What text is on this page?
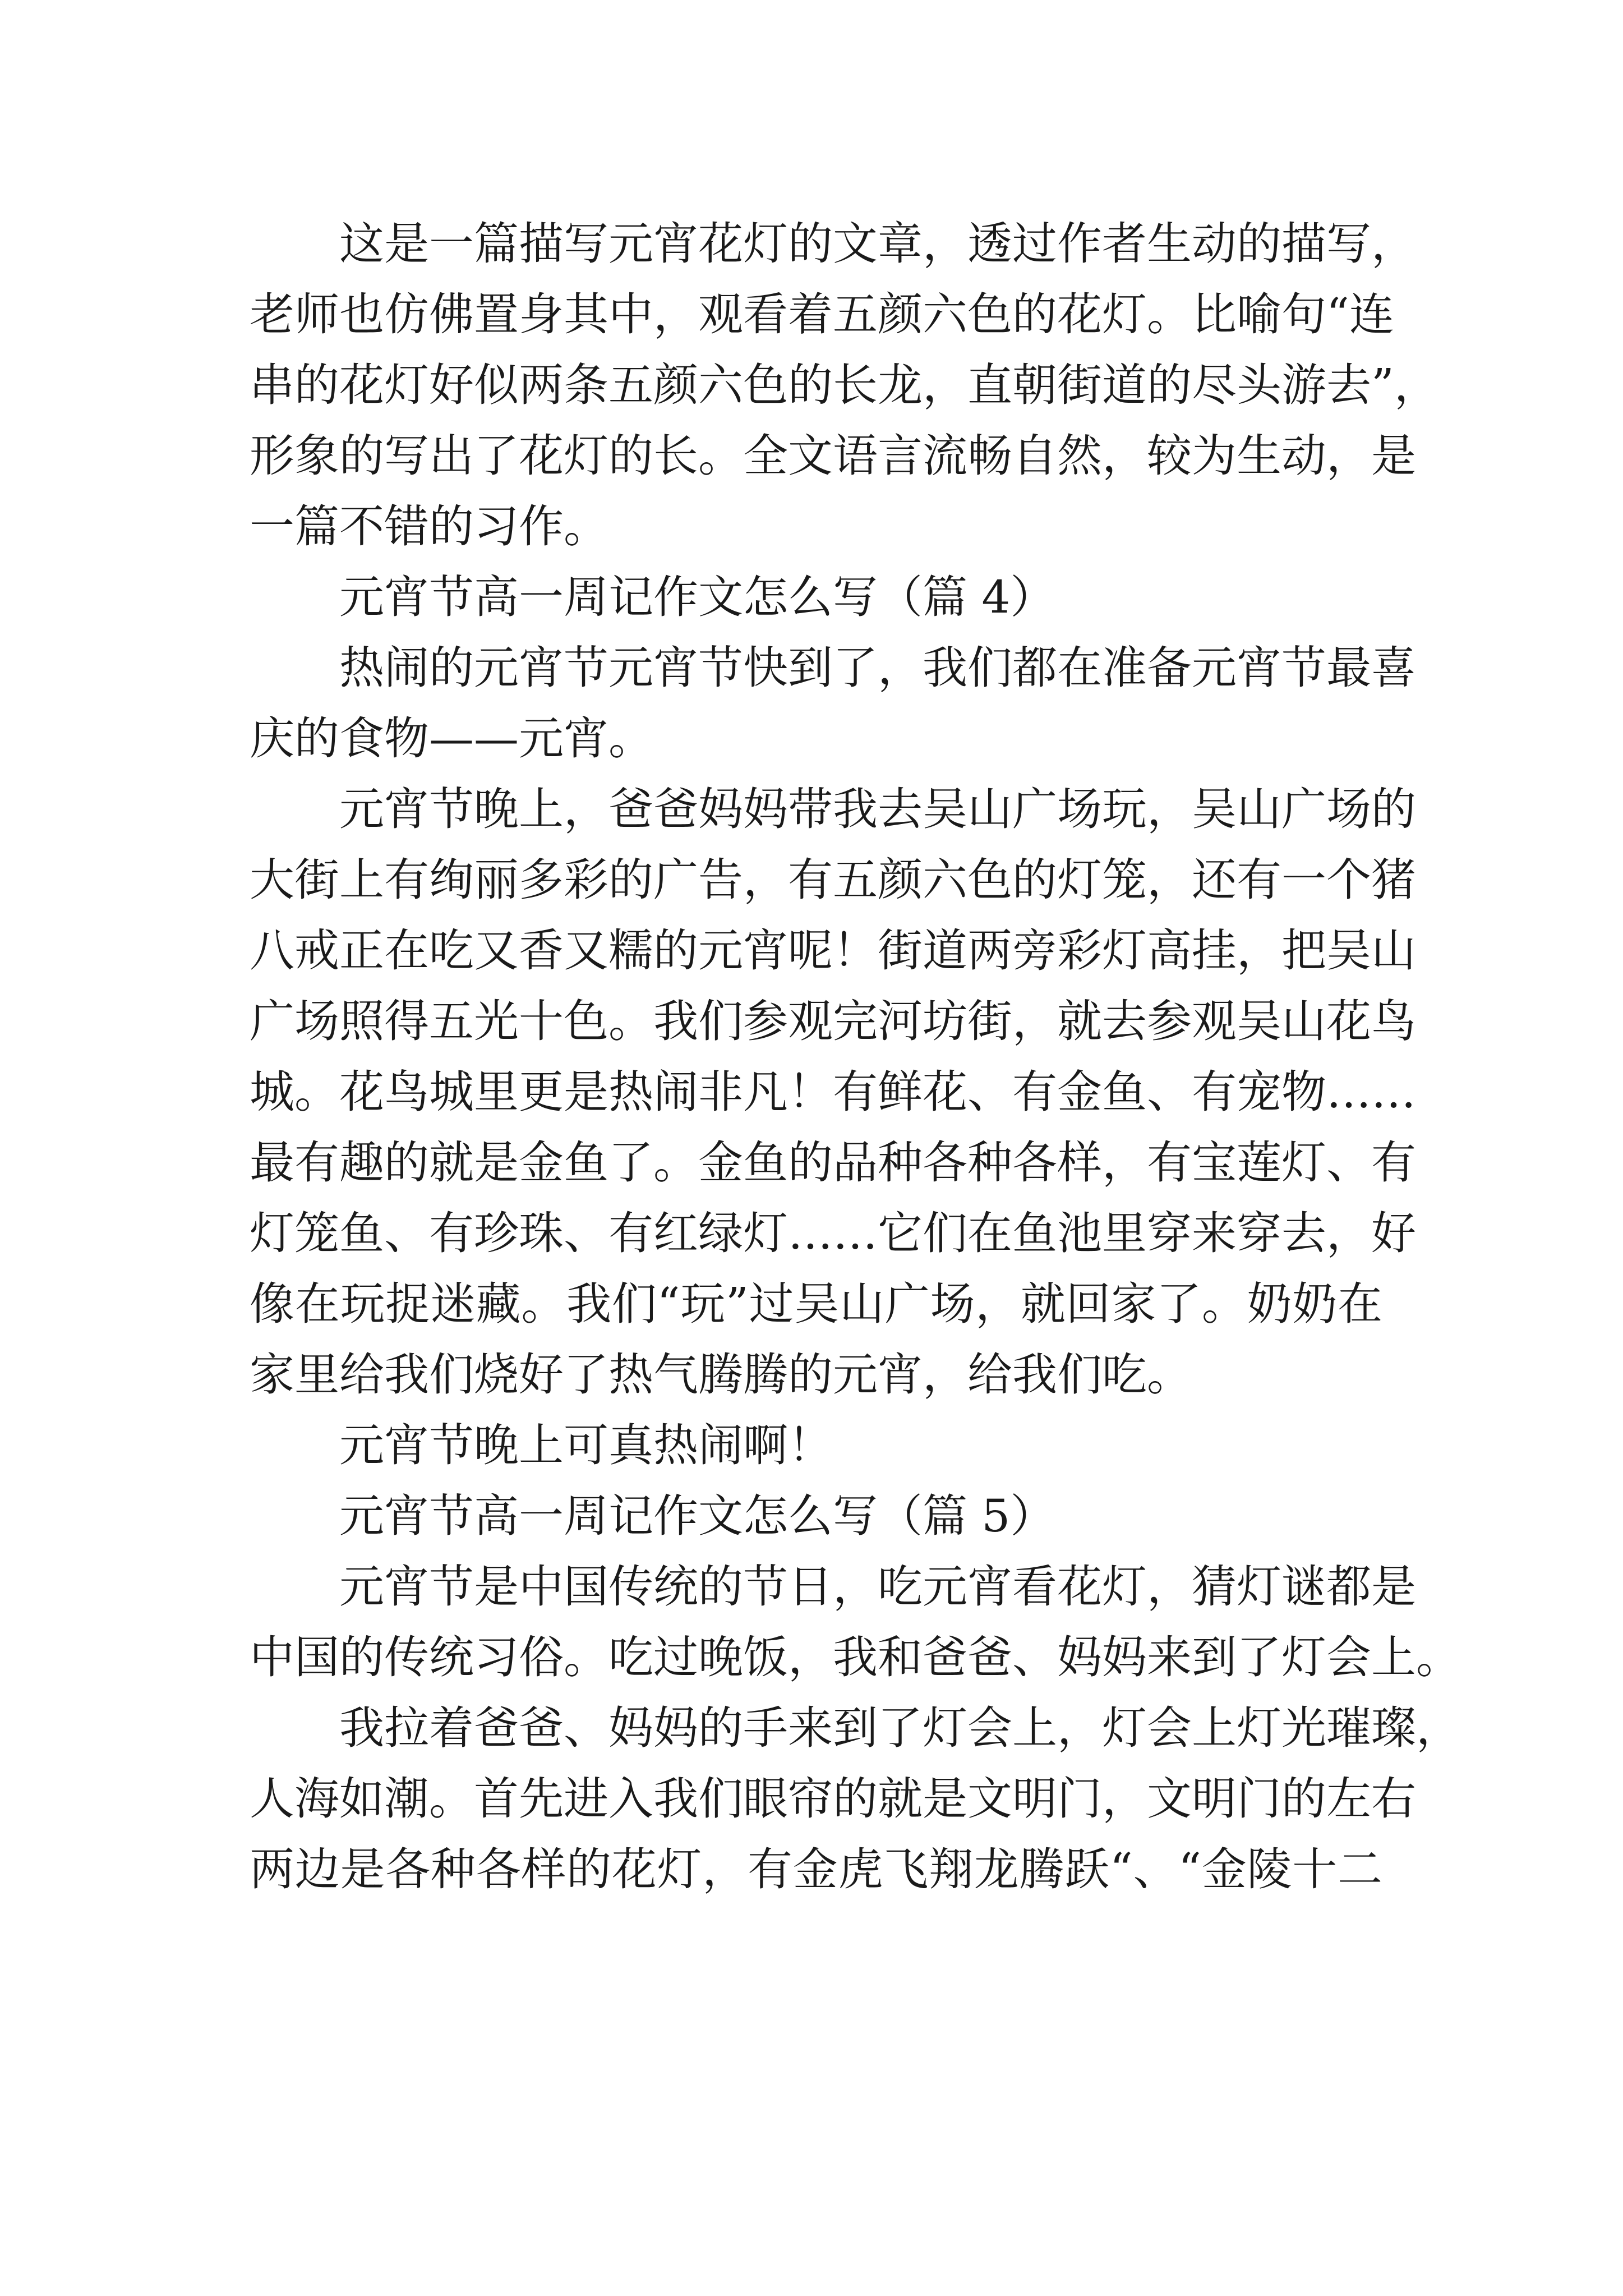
这是一篇描写元宵花灯的文章，透过作者生动的描写，
老师也仿佛置身其中，观看着五颜六色的花灯。比喻句“连
串的花灯好似两条五颜六色的长龙，直朝街道的尽头游去”，
形象的写出了花灯的长。全文语言流畅自然，较为生动，是
一篇不错的习作。
元宵节高一周记作文怎么写（篇 4）
热闹的元宵节元宵节快到了，我们都在准备元宵节最喜
庆的食物——元宵。
元宵节晚上，爸爸妈妈带我去吴山广场玩，吴山广场的
大街上有绚丽多彩的广告，有五颜六色的灯笼，还有一个猪
八戒正在吃又香又糯的元宵呢！街道两旁彩灯高挂，把吴山
广场照得五光十色。我们参观完河坊街，就去参观吴山花鸟
城。花鸟城里更是热闹非凡！有鲜花、有金鱼、有宠物……
最有趣的就是金鱼了。金鱼的品种各种各样，有宝莲灯、有
灯笼鱼、有珍珠、有红绿灯……它们在鱼池里穿来穿去，好
像在玩捉迷藏。我们“玩”过吴山广场，就回家了。奶奶在
家里给我们烧好了热气腾腾的元宵，给我们吃。
元宵节晚上可真热闹啊！
元宵节高一周记作文怎么写（篇 5）
元宵节是中国传统的节日，吃元宵看花灯，猜灯谜都是
中国的传统习俗。吃过晚饭，我和爸爸、妈妈来到了灯会上。
我拉着爸爸、妈妈的手来到了灯会上，灯会上灯光璀璨，
人海如潮。首先进入我们眼帘的就是文明门，文明门的左右
两边是各种各样的花灯，有金虎飞翔龙腾跃“、“金陵十二
